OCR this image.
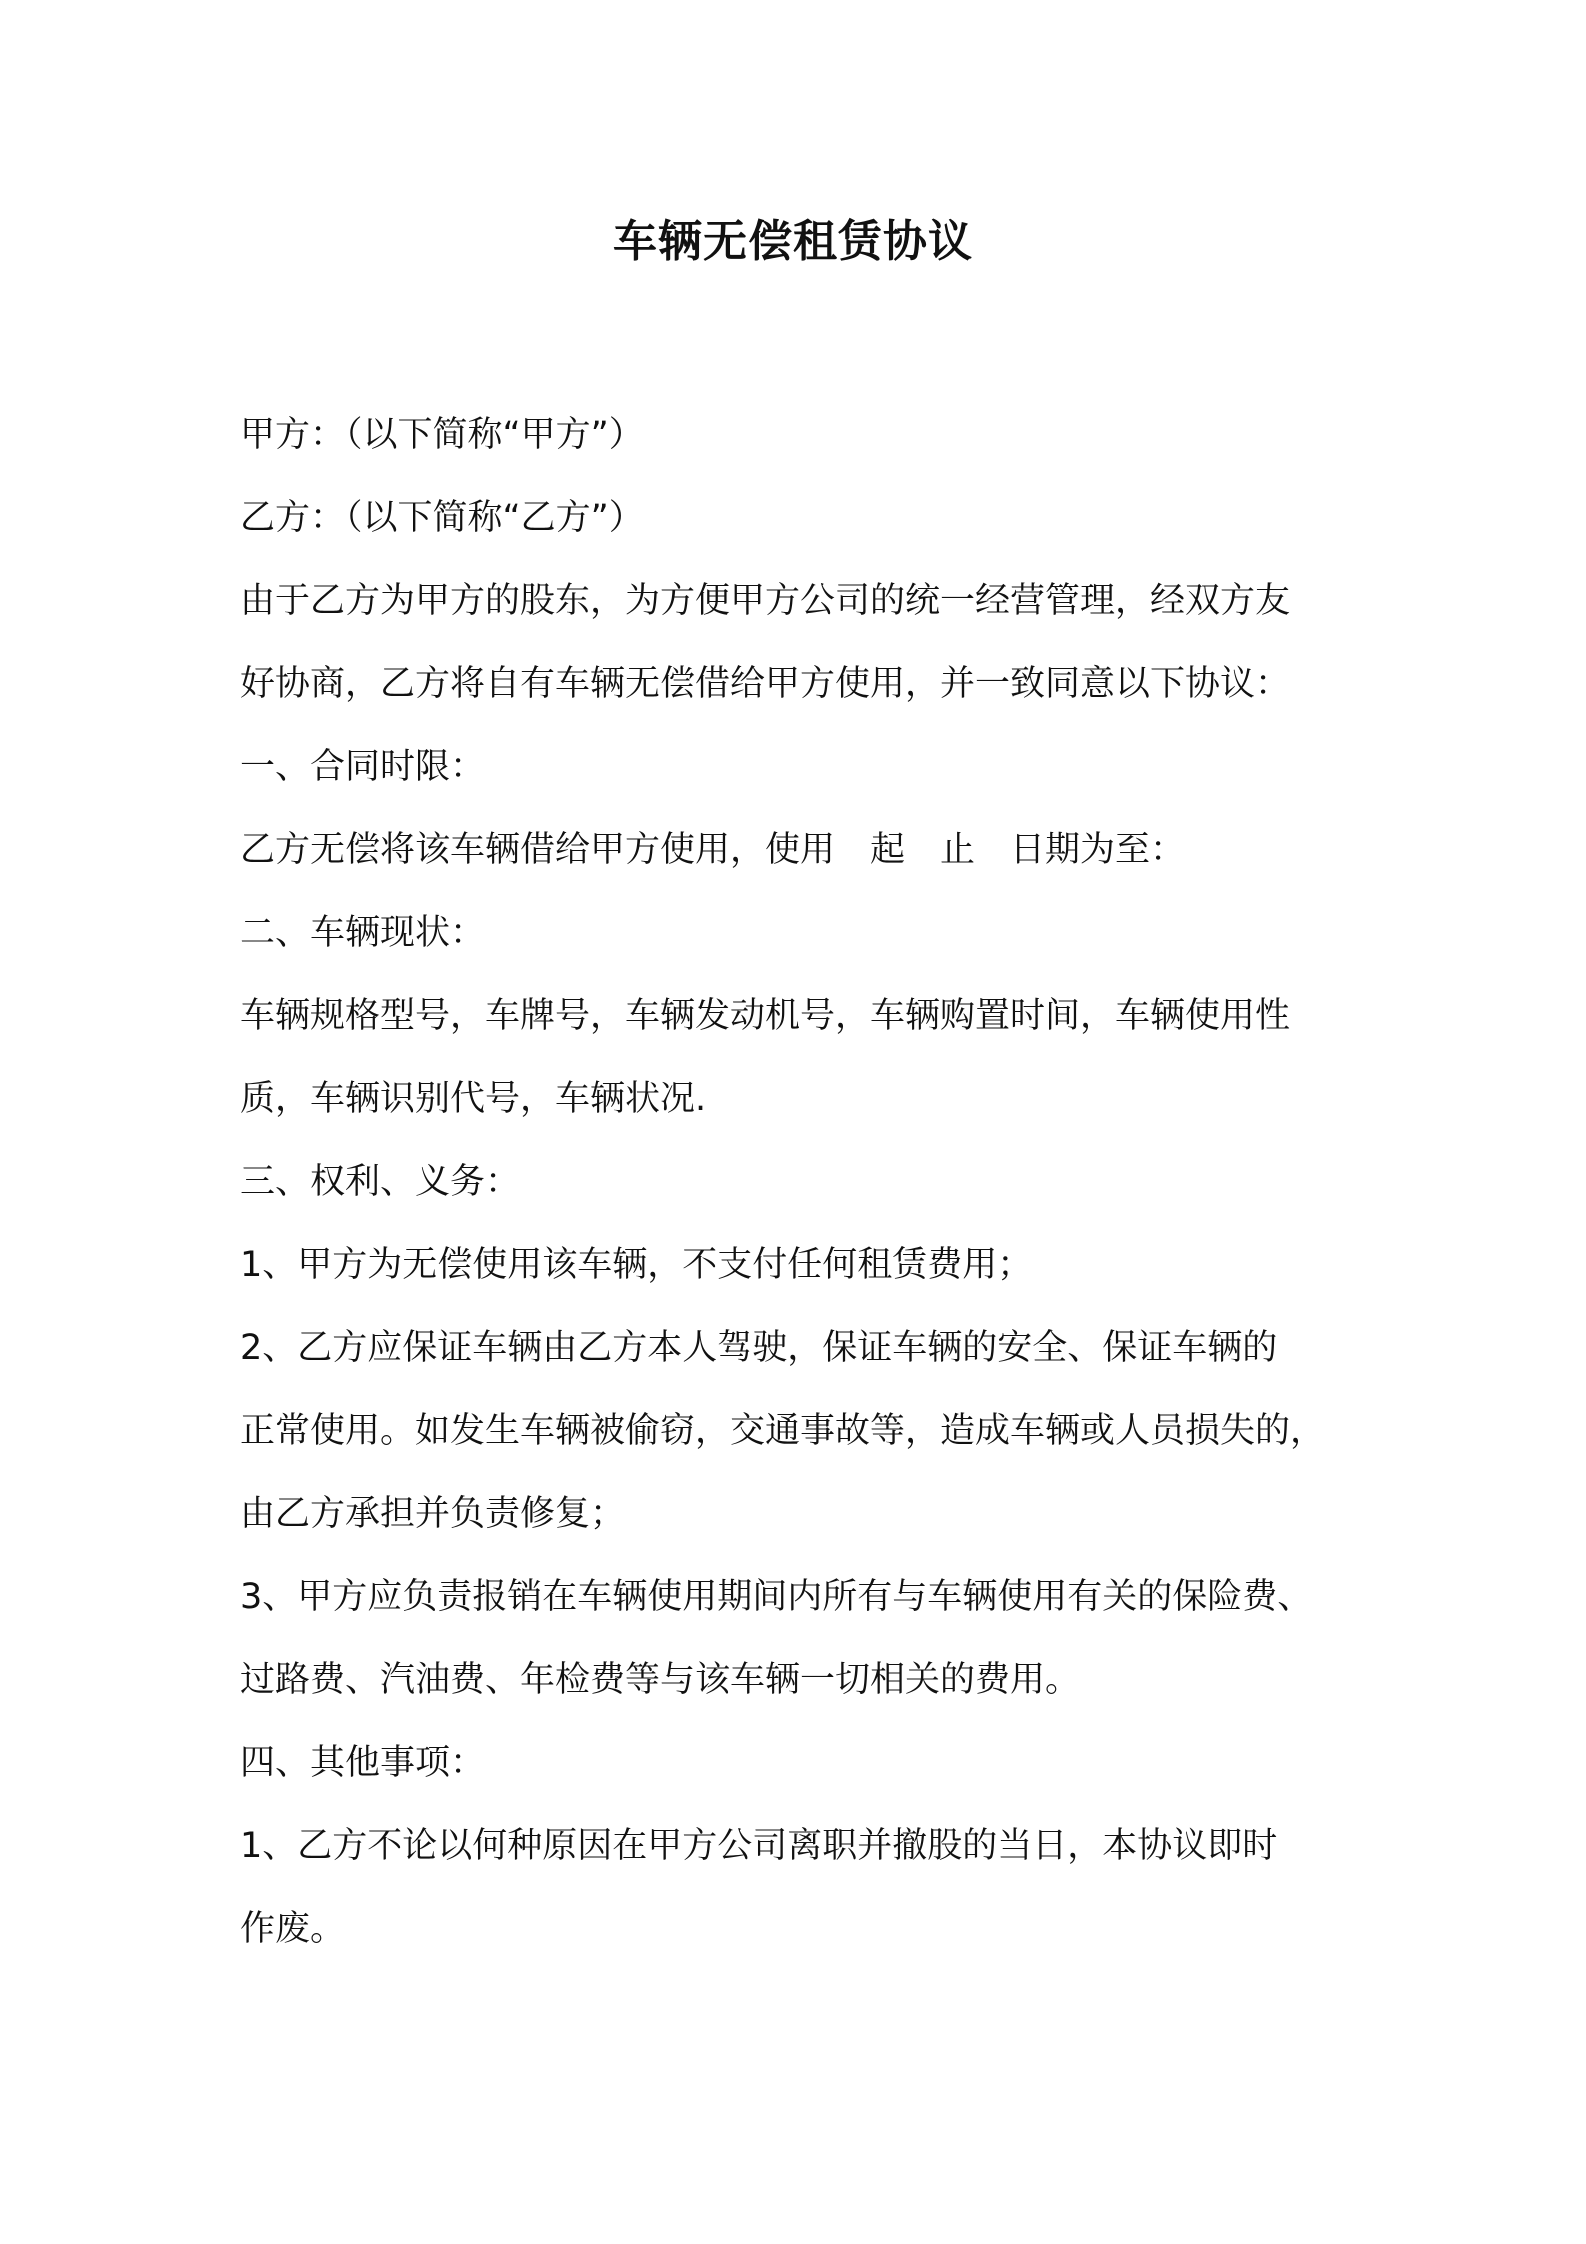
车辆无偿租赁协议

甲方：（以下简称“甲方”）

乙方：（以下简称“乙方”）

由于乙方为甲方的股东，为方便甲方公司的统一经营管理，经双方友

好协商，乙方将自有车辆无偿借给甲方使用，并一致同意以下协议：

一、合同时限：

乙方无偿将该车辆借给甲方使用，使用　起　止　日期为至：

二、车辆现状：

车辆规格型号，车牌号，车辆发动机号，车辆购置时间，车辆使用性

质，车辆识别代号，车辆状况.

三、权利、义务：

1、甲方为无偿使用该车辆，不支付任何租赁费用；

2、乙方应保证车辆由乙方本人驾驶，保证车辆的安全、保证车辆的

正常使用。如发生车辆被偷窃，交通事故等，造成车辆或人员损失的，

由乙方承担并负责修复；

3、甲方应负责报销在车辆使用期间内所有与车辆使用有关的保险费、

过路费、汽油费、年检费等与该车辆一切相关的费用。

四、其他事项：

1、乙方不论以何种原因在甲方公司离职并撤股的当日，本协议即时

作废。
